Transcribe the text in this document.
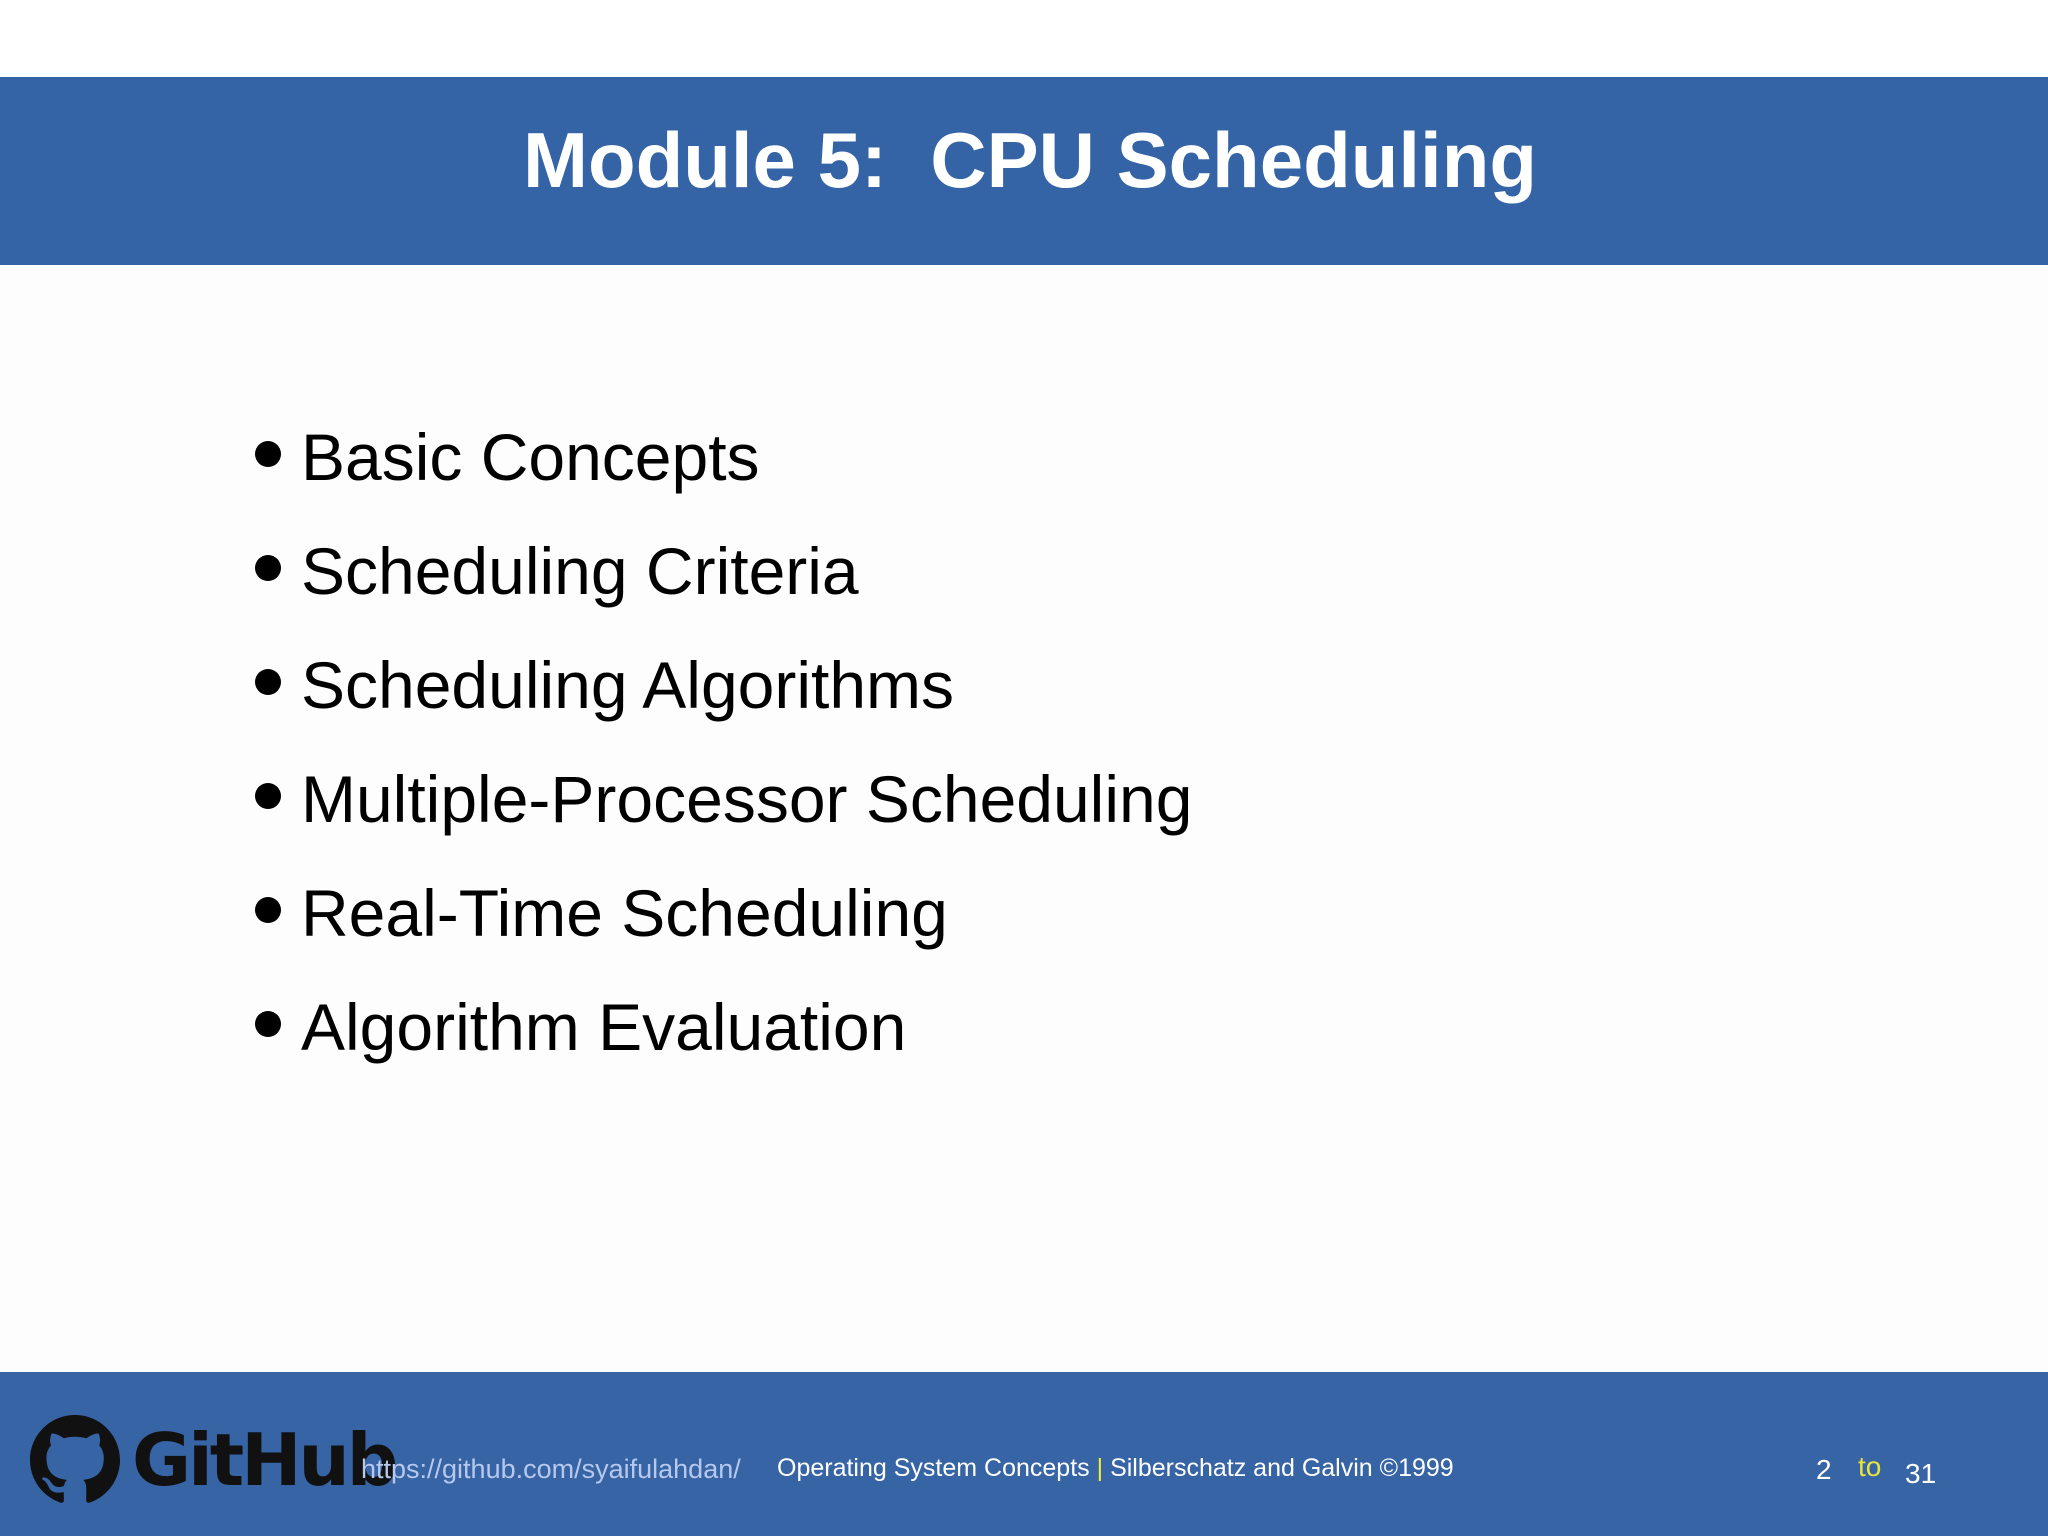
Module 5:  CPU Scheduling
Basic Concepts
Scheduling Criteria
Scheduling Algorithms
Multiple-Processor Scheduling
Real-Time Scheduling
Algorithm Evaluation
GitHub
https://github.com/syaifulahdan/ Operating System Concepts | Silberschatz and Galvin ©1999	2 to 31
